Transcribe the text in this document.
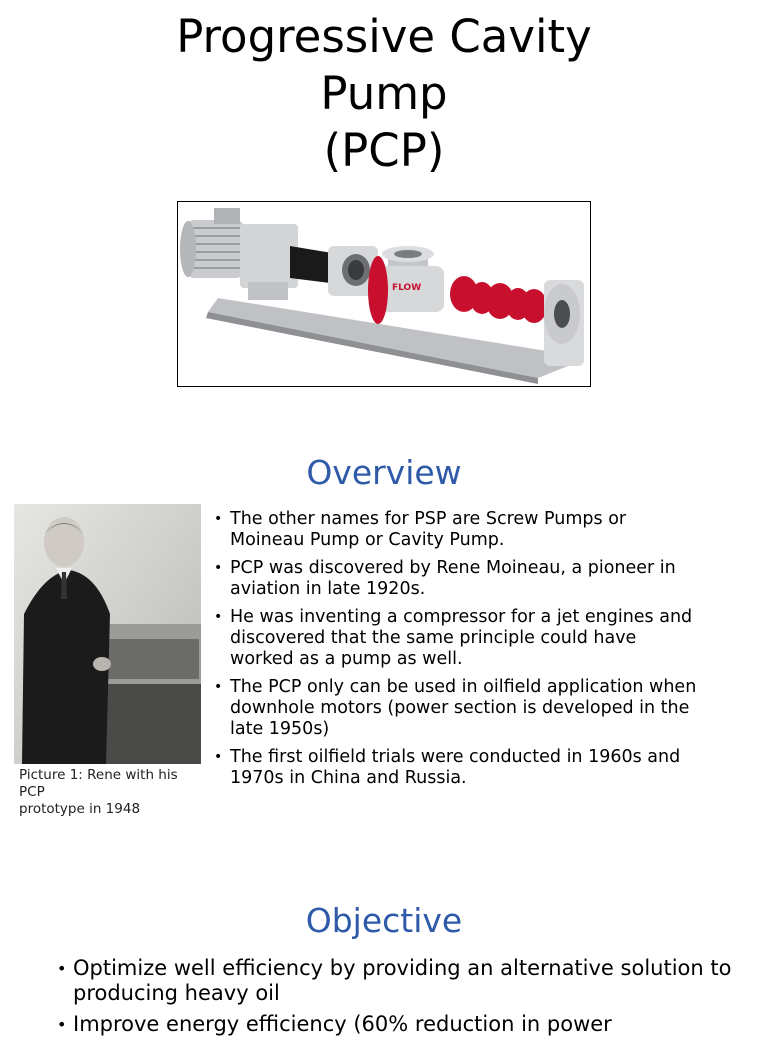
Progressive Cavity
Pump
(PCP)
FLOW
Overview
Picture 1: Rene with his
PCP
prototype in 1948
• The other names for PSP are Screw Pumps or Moineau Pump or Cavity Pump.
• PCP was discovered by Rene Moineau, a pioneer in aviation in late 1920s.
• He was inventing a compressor for a jet engines and discovered that the same principle could have worked as a pump as well.
• The PCP only can be used in oilfield application when downhole motors (power section is developed in the late 1950s)
• The first oilfield trials were conducted in 1960s and 1970s in China and Russia.
Objective
• Optimize well efficiency by providing an alternative solution to producing heavy oil
• Improve energy efficiency (60% reduction in power
